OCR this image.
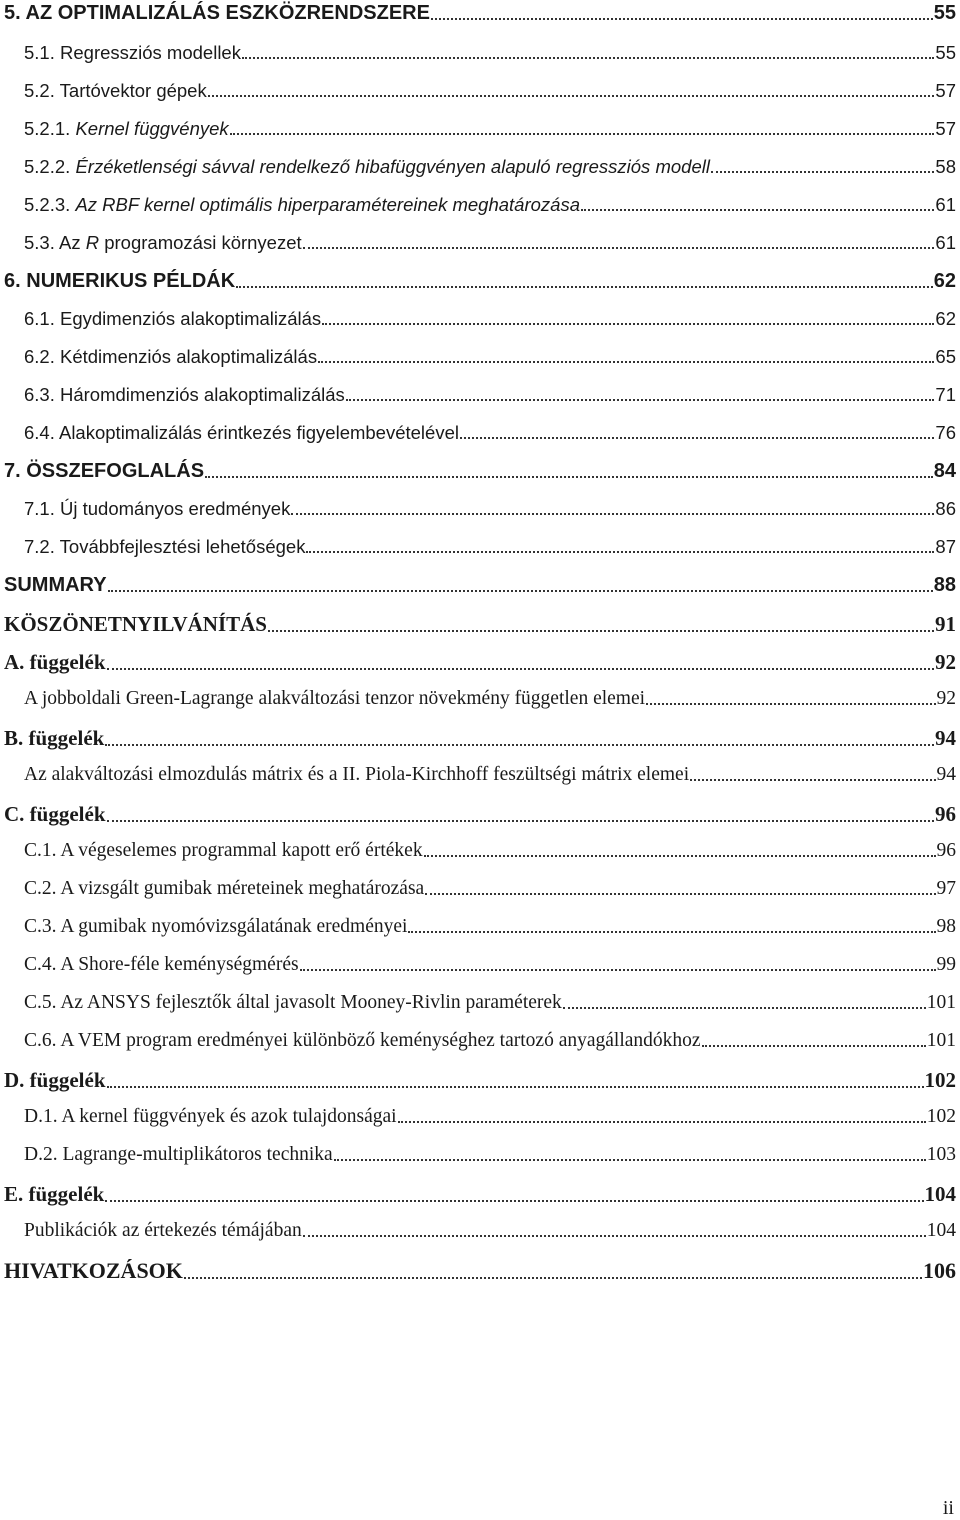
5. AZ OPTIMALIZÁLÁS ESZKÖZRENDSZERE	55
5.1. Regressziós modellek	55
5.2. Tartóvektor gépek	57
5.2.1. Kernel függvények	57
5.2.2. Érzéketlenségi sávval rendelkező hibafüggvényen alapuló regressziós modell	58
5.2.3. Az RBF kernel optimális hiperparamétereinek meghatározása	61
5.3. Az R programozási környezet	61
6. NUMERIKUS PÉLDÁK	62
6.1. Egydimenziós alakoptimalizálás	62
6.2. Kétdimenziós alakoptimalizálás	65
6.3. Háromdimenziós alakoptimalizálás	71
6.4. Alakoptimalizálás érintkezés figyelembevételével	76
7. ÖSSZEFOGLALÁS	84
7.1. Új tudományos eredmények	86
7.2. Továbbfejlesztési lehetőségek	87
SUMMARY	88
KÖSZÖNETNYILVÁNÍTÁS	91
A. függelék	92
A jobboldali Green-Lagrange alakváltozási tenzor növekmény független elemei	92
B. függelék	94
Az alakváltozási elmozdulás mátrix és a II. Piola-Kirchhoff feszültségi mátrix elemei	94
C. függelék	96
C.1. A végeselemes programmal kapott erő értékek	96
C.2. A vizsgált gumibak méreteinek meghatározása	97
C.3. A gumibak nyomóvizsgálatának eredményei	98
C.4. A Shore-féle keménységmérés	99
C.5. Az ANSYS fejlesztők által javasolt Mooney-Rivlin paraméterek	101
C.6. A VEM program eredményei különböző keménységhez tartozó anyagállandókhoz	101
D. függelék	102
D.1. A kernel függvények és azok tulajdonságai	102
D.2. Lagrange-multiplikátoros technika	103
E. függelék	104
Publikációk az értekezés témájában	104
HIVATKOZÁSOK	106
ii
